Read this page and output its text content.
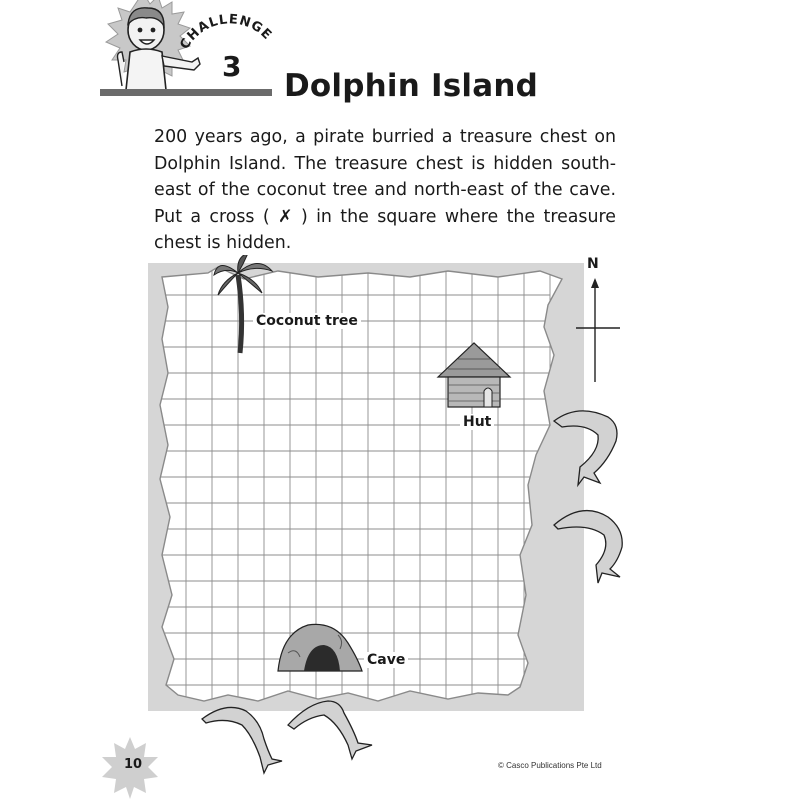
CHALLENGE
3
Dolphin Island

200 years ago, a pirate burried a treasure chest on Dolphin Island. The treasure chest is hidden south- east of the coconut tree and north-east of the cave. Put a cross ( ✗ ) in the square where the treasure chest is hidden.

Coconut tree
Hut
Cave
N
10	© Casco Publications Pte Ltd
